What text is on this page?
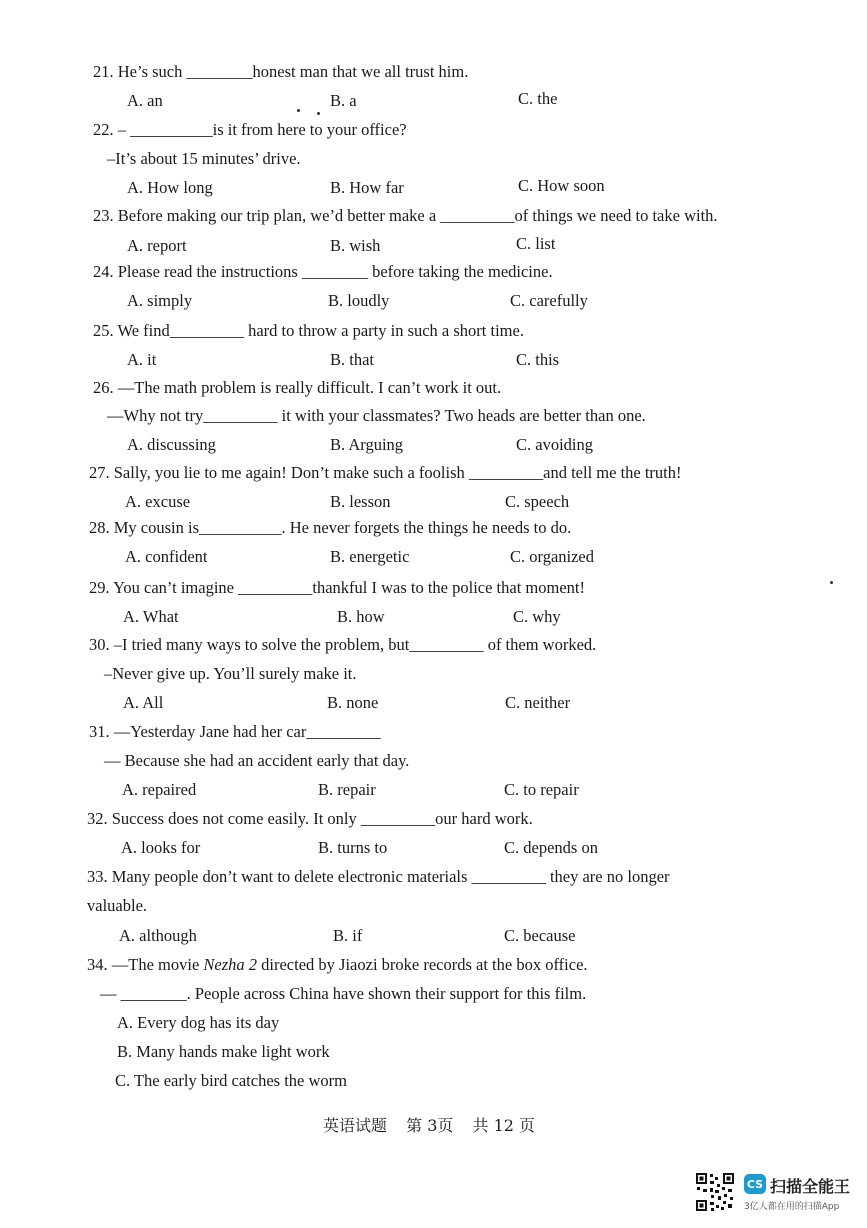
21. He’s such ________honest man that we all trust him.
A. an	B. a	C. the
22. – __________is it from here to your office?
–It’s about 15 minutes’ drive.
A. How long	B. How far	C. How soon
23. Before making our trip plan, we’d better make a _________of things we need to take with.
A. report	B. wish	C. list
24. Please read the instructions ________ before taking the medicine.
A. simply	B. loudly	C. carefully
25. We find_________ hard to throw a party in such a short time.
A. it	B. that	C. this
26. —The math problem is really difficult. I can’t work it out.
—Why not try_________ it with your classmates? Two heads are better than one.
A. discussing	B. Arguing	C. avoiding
27. Sally, you lie to me again! Don’t make such a foolish _________and tell me the truth!
A. excuse	B. lesson	C. speech
28. My cousin is__________. He never forgets the things he needs to do.
A. confident	B. energetic	C. organized
29. You can’t imagine _________thankful I was to the police that moment!
A. What	B. how	C. why
30. –I tried many ways to solve the problem, but_________ of them worked.
–Never give up. You’ll surely make it.
A. All	B. none	C. neither
31. —Yesterday Jane had her car_________
— Because she had an accident early that day.
A. repaired	B. repair	C. to repair
32. Success does not come easily. It only _________our hard work.
A. looks for	B. turns to	C. depends on
33. Many people don’t want to delete electronic materials _________ they are no longer
valuable.
A. although	B. if	C. because
34. —The movie Nezha 2 directed by Jiaozi broke records at the box office.
— ________. People across China have shown their support for this film.
A. Every dog has its day
B. Many hands make light work
C. The early bird catches the worm
英语试题 第 3页 共 12 页
CS 扫描全能王
3亿人都在用的扫描App
